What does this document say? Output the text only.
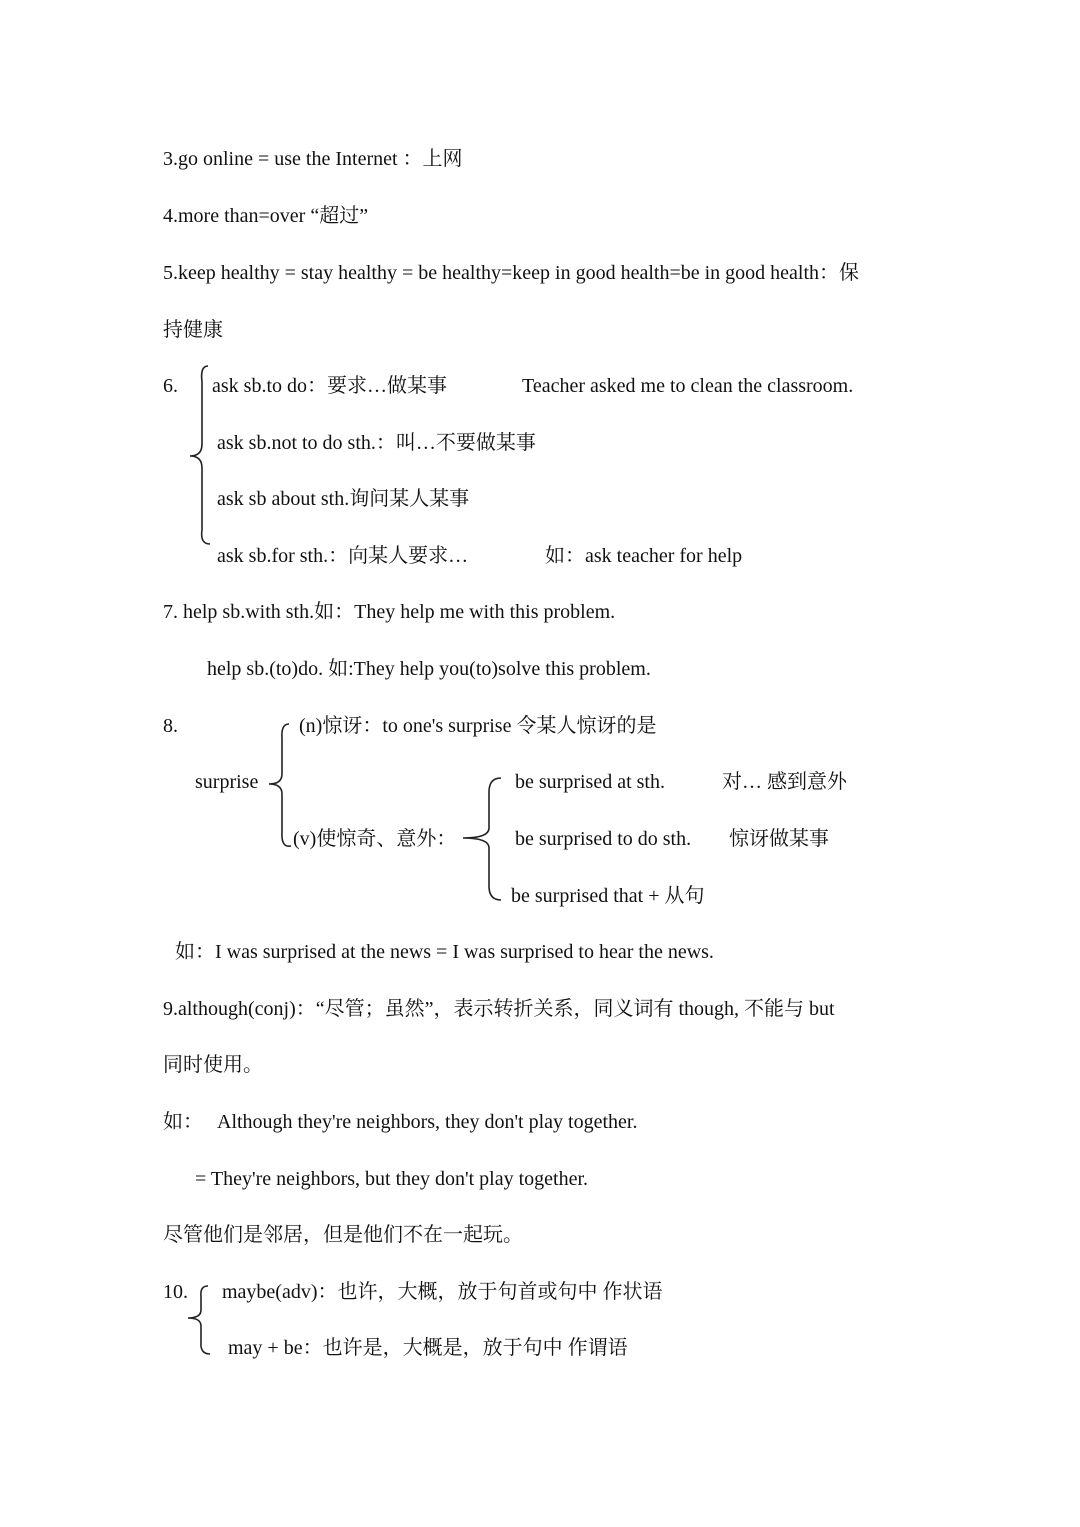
3.go online = use the Internet ：上网
4.more than=over “超过”
5.keep healthy = stay healthy = be healthy=keep in good health=be in good health：保
持健康
6. ask sb.to do：要求…做某事	Teacher asked me to clean the classroom.
ask sb.not to do sth.：叫…不要做某事
ask sb about sth.询问某人某事
ask sb.for sth.：向某人要求…	如：ask teacher for help
7. help sb.with sth.如：They help me with this problem.
help sb.(to)do. 如:They help you(to)solve this problem.
8.
surprise
(n)惊讶：to one's surprise 令某人惊讶的是
(v)使惊奇、意外：
be surprised at sth.	对… 感到意外
be surprised to do sth. 惊讶做某事
be surprised that + 从句
如：I was surprised at the news = I was surprised to hear the news.
9.although(conj)：“尽管；虽然”，表示转折关系，同义词有 though, 不能与 but
同时使用。
如： Although they're neighbors, they don't play together.
= They're neighbors, but they don't play together.
尽管他们是邻居，但是他们不在一起玩。
10. maybe(adv)：也许，大概，放于句首或句中 作状语
may + be：也许是，大概是，放于句中 作谓语
